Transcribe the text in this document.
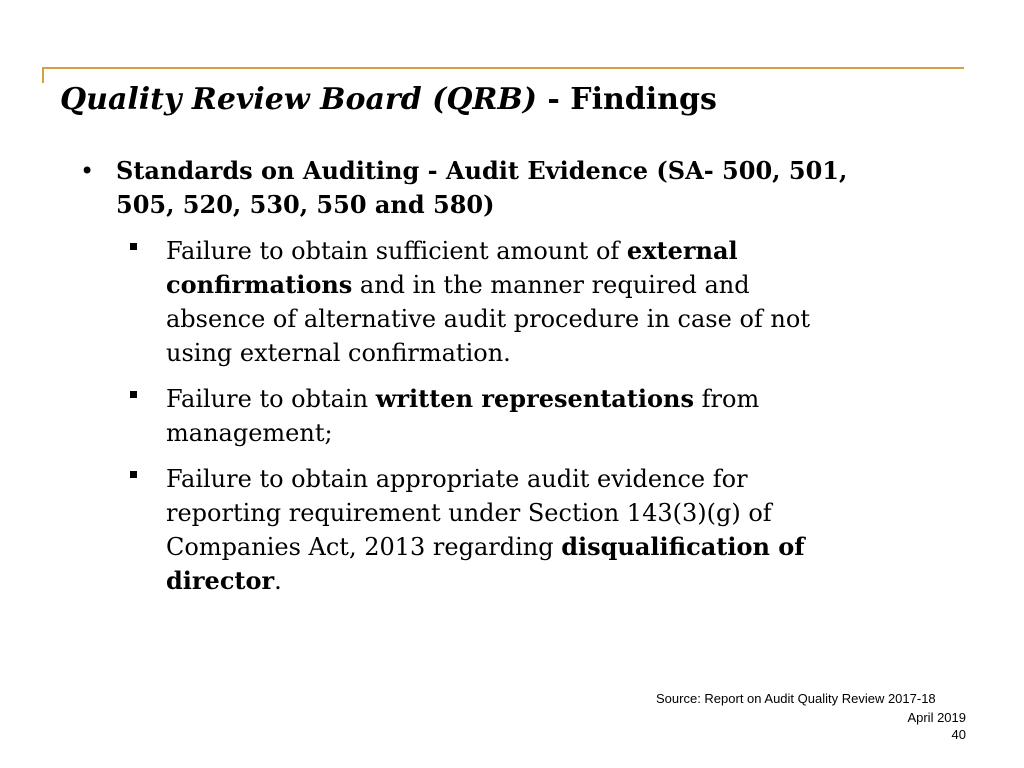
Quality Review Board (QRB) - Findings
• Standards on Auditing - Audit Evidence (SA- 500, 501, 505, 520, 530, 550 and 580)
Failure to obtain sufficient amount of external confirmations and in the manner required and absence of alternative audit procedure in case of not using external confirmation.
Failure to obtain written representations from management;
Failure to obtain appropriate audit evidence for reporting requirement under Section 143(3)(g) of Companies Act, 2013 regarding disqualification of director.
Source: Report on Audit Quality Review 2017-18
April 2019
40
